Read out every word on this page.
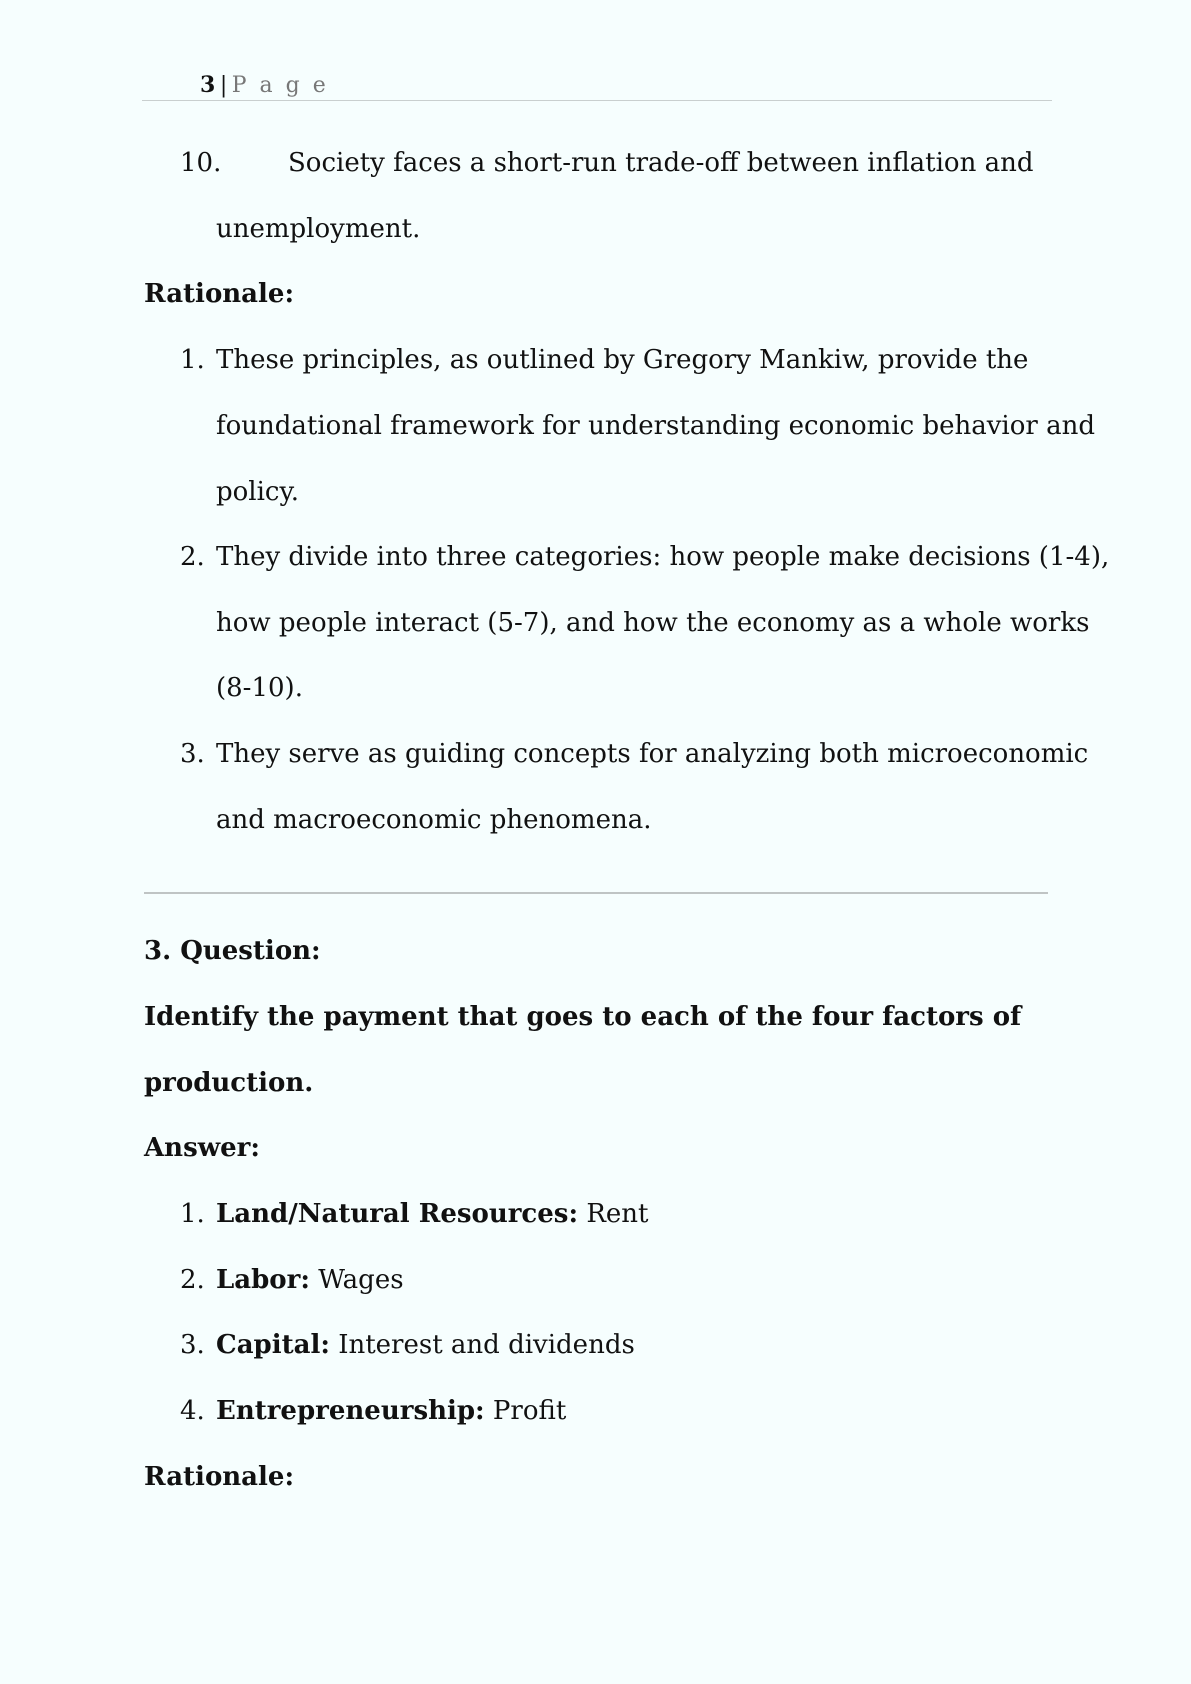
3 | P a g e
10.	Society faces a short-run trade-off between inflation and
unemployment.
Rationale:
1. These principles, as outlined by Gregory Mankiw, provide the
foundational framework for understanding economic behavior and
policy.
2. They divide into three categories: how people make decisions (1-4),
how people interact (5-7), and how the economy as a whole works
(8-10).
3. They serve as guiding concepts for analyzing both microeconomic
and macroeconomic phenomena.
3. Question:
Identify the payment that goes to each of the four factors of
production.
Answer:
1. Land/Natural Resources: Rent
2. Labor: Wages
3. Capital: Interest and dividends
4. Entrepreneurship: Profit
Rationale:
